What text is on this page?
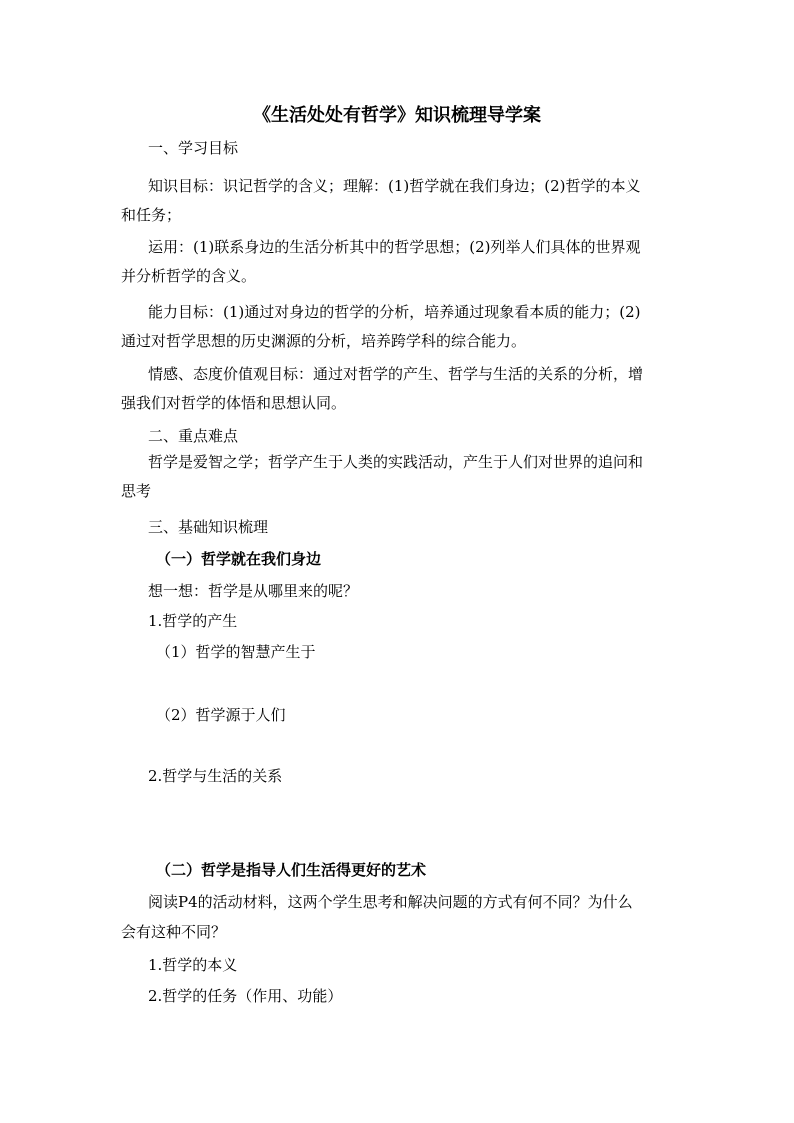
《生活处处有哲学》知识梳理导学案
一、学习目标
知识目标：识记哲学的含义；理解：(1)哲学就在我们身边；(2)哲学的本义
和任务；
运用：(1)联系身边的生活分析其中的哲学思想；(2)列举人们具体的世界观
并分析哲学的含义。
能力目标：(1)通过对身边的哲学的分析，培养通过现象看本质的能力；(2)
通过对哲学思想的历史渊源的分析，培养跨学科的综合能力。
情感、态度价值观目标：通过对哲学的产生、哲学与生活的关系的分析，增
强我们对哲学的体悟和思想认同。
二、重点难点
哲学是爱智之学；哲学产生于人类的实践活动，产生于人们对世界的追问和
思考
三、基础知识梳理
（一）哲学就在我们身边
想一想：哲学是从哪里来的呢？
1.哲学的产生
（1）哲学的智慧产生于
（2）哲学源于人们
2.哲学与生活的关系
（二）哲学是指导人们生活得更好的艺术
阅读P4的活动材料，这两个学生思考和解决问题的方式有何不同？为什么
会有这种不同？
1.哲学的本义
2.哲学的任务（作用、功能）
